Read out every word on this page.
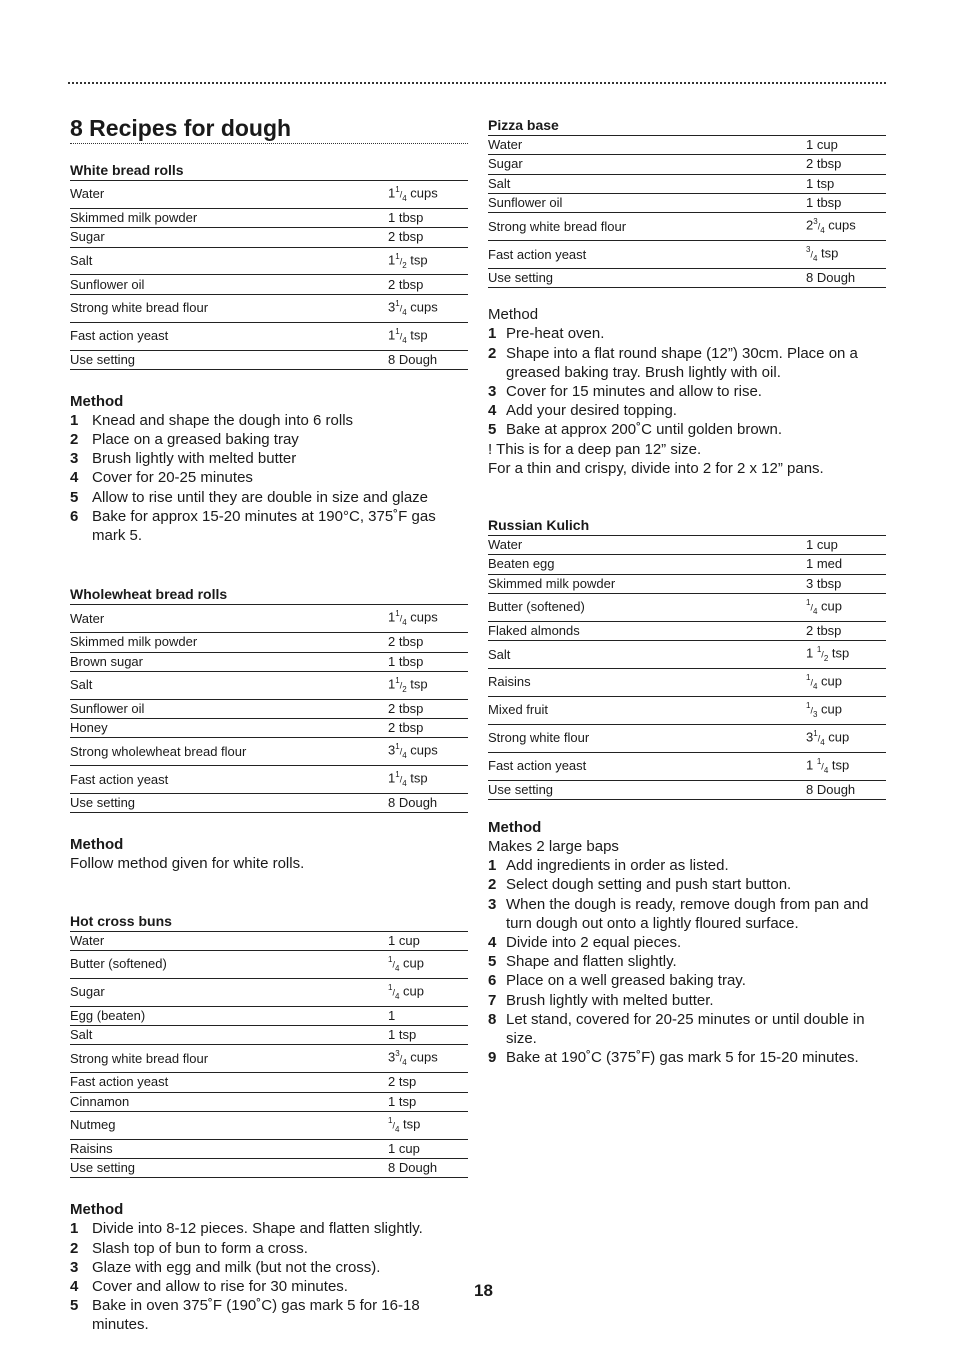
8 Recipes for dough
White bread rolls
Water	$1^1/_4$ cups
Skimmed milk powder	1 tbsp
Sugar	2 tbsp
Salt	$1^1/_2$ tsp
Sunflower oil	2 tbsp
Strong white bread flour	$3^1/_4$ cups
Fast action yeast	$1^1/_4$ tsp
Use setting	8 Dough
Method
1 Knead and shape the dough into 6 rolls
2 Place on a greased baking tray
3 Brush lightly with melted butter
4 Cover for 20-25 minutes
5 Allow to rise until they are double in size and glaze
6 Bake for approx 15-20 minutes at 190°C, 375˚F gas mark 5.
Wholewheat bread rolls
Water	$1^1/_4$ cups
Skimmed milk powder	2 tbsp
Brown sugar	1 tbsp
Salt	$1^1/_2$ tsp
Sunflower oil	2 tbsp
Honey	2 tbsp
Strong wholewheat bread flour	$3^1/_4$ cups
Fast action yeast	$1^1/_4$ tsp
Use setting	8 Dough
Method
Follow method given for white rolls.
Hot cross buns
Water	1 cup
Butter (softened)	$^1/_4$ cup
Sugar	$^1/_4$ cup
Egg (beaten)	1
Salt	1 tsp
Strong white bread flour	$3^3/_4$ cups
Fast action yeast	2 tsp
Cinnamon	1 tsp
Nutmeg	$^1/_4$ tsp
Raisins	1 cup
Use setting	8 Dough
Method
1 Divide into 8-12 pieces. Shape and flatten slightly.
2 Slash top of bun to form a cross.
3 Glaze with egg and milk (but not the cross).
4 Cover and allow to rise for 30 minutes.
5 Bake in oven 375˚F (190˚C) gas mark 5 for 16-18 minutes.
Pizza base
Water	1 cup
Sugar	2 tbsp
Salt	1 tsp
Sunflower oil	1 tbsp
Strong white bread flour	$2^3/_4$ cups
Fast action yeast	$^3/_4$ tsp
Use setting	8 Dough
Method
1 Pre-heat oven.
2 Shape into a flat round shape (12”) 30cm. Place on a greased baking tray. Brush lightly with oil.
3 Cover for 15 minutes and allow to rise.
4 Add your desired topping.
5 Bake at approx 200˚C until golden brown.
! This is for a deep pan 12” size.
For a thin and crispy, divide into 2 for 2 x 12” pans.
Russian Kulich
Water	1 cup
Beaten egg	1 med
Skimmed milk powder	3 tbsp
Butter (softened)	$^1/_4$ cup
Flaked almonds	2 tbsp
Salt	1 $^1/_2$ tsp
Raisins	$^1/_4$ cup
Mixed fruit	$^1/_3$ cup
Strong white flour	$3^1/_4$ cup
Fast action yeast	1 $^1/_4$ tsp
Use setting	8 Dough
Method
Makes 2 large baps
1 Add ingredients in order as listed.
2 Select dough setting and push start button.
3 When the dough is ready, remove dough from pan and turn dough out onto a lightly floured surface.
4 Divide into 2 equal pieces.
5 Shape and flatten slightly.
6 Place on a well greased baking tray.
7 Brush lightly with melted butter.
8 Let stand, covered for 20-25 minutes or until double in size.
9 Bake at 190˚C (375˚F) gas mark 5 for 15-20 minutes.
18
